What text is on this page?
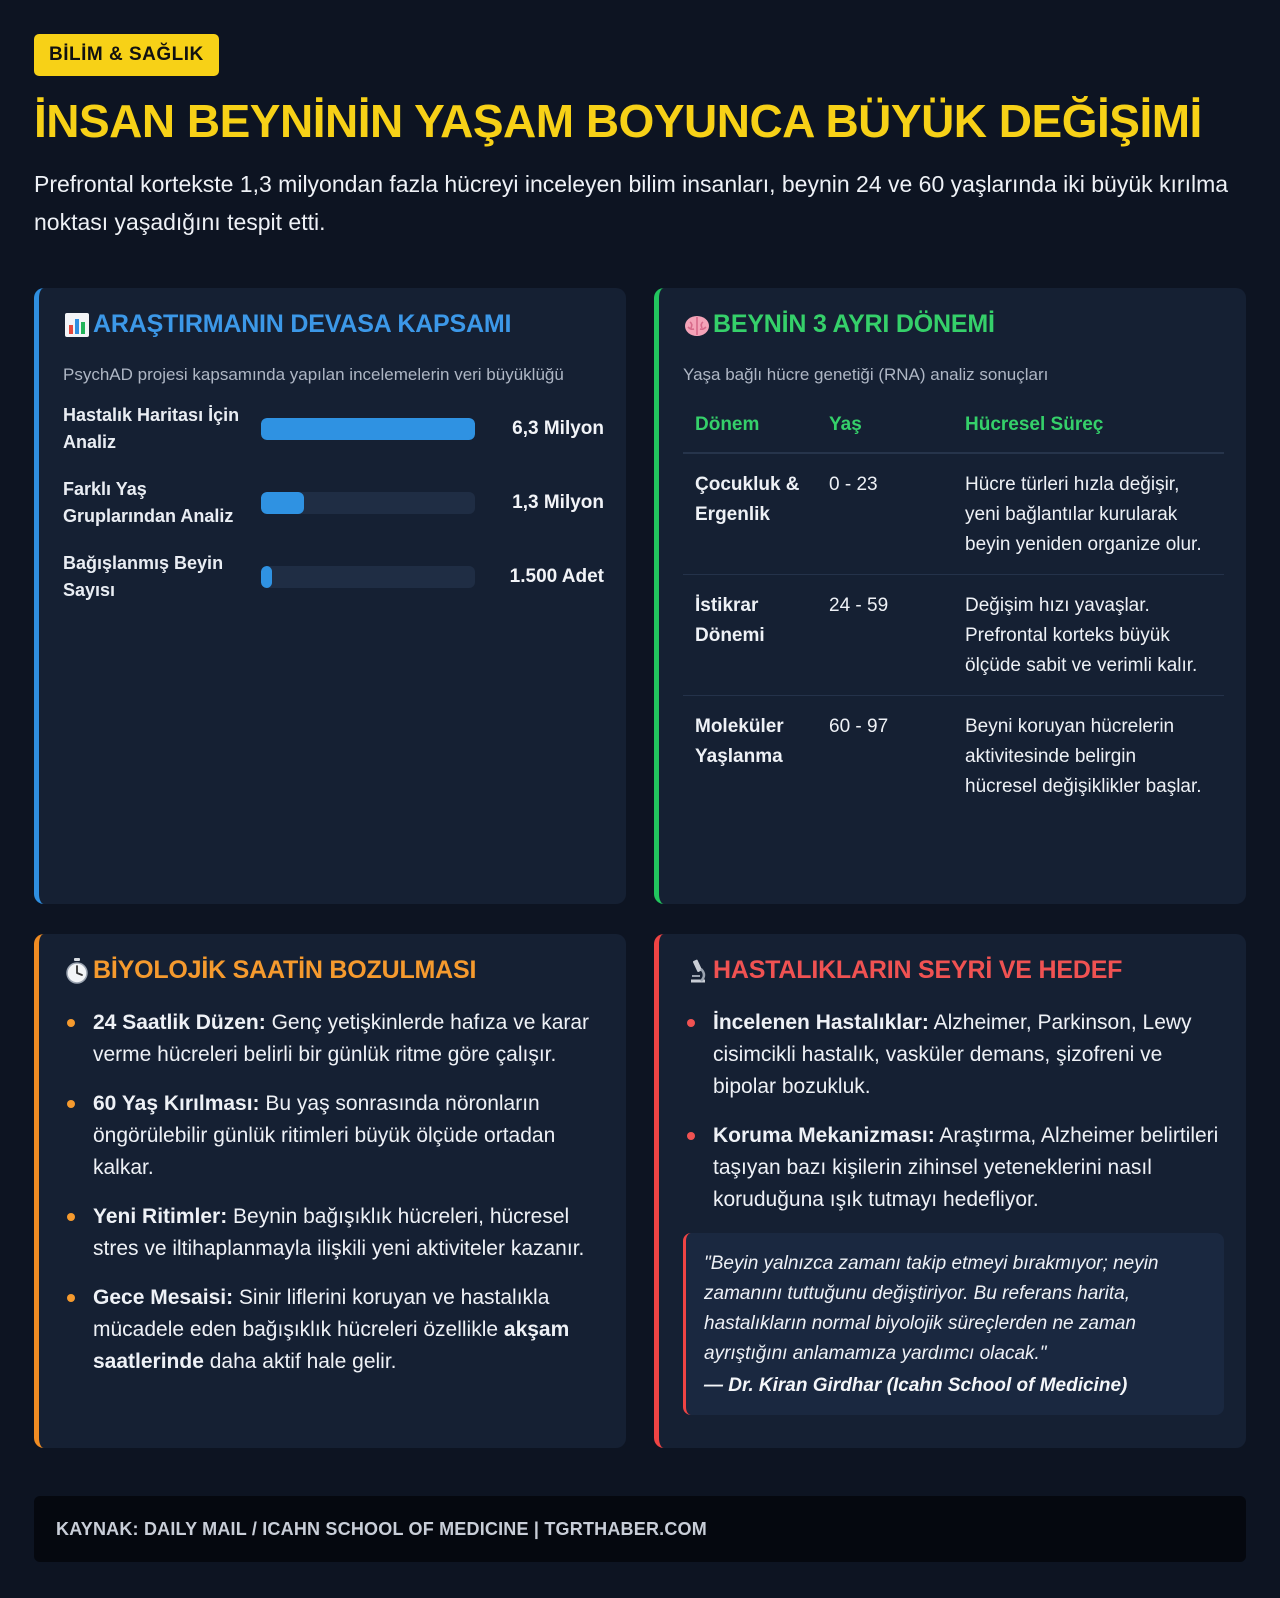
BİLİM & SAĞLIK
İNSAN BEYNİNİN YAŞAM BOYUNCA BÜYÜK DEĞİŞİMİ

Prefrontal kortekste 1,3 milyondan fazla hücreyi inceleyen bilim insanları, beynin 24 ve 60 yaşlarında iki büyük kırılma noktası yaşadığını tespit etti.

ARAŞTIRMANIN DEVASA KAPSAMI

PsychAD projesi kapsamında yapılan incelemelerin veri büyüklüğü

Hastalık Haritası İçin Analiz
6,3 Milyon
Farklı Yaş Gruplarından Analiz
1,3 Milyon
Bağışlanmış Beyin Sayısı
1.500 Adet
BEYNİN 3 AYRI DÖNEMİ

Yaşa bağlı hücre genetiği (RNA) analiz sonuçları

Dönem	Yaş	Hücresel Süreç
Çocukluk & Ergenlik	0 - 23	Hücre türleri hızla değişir, yeni bağlantılar kurularak beyin yeniden organize olur.
İstikrar Dönemi	24 - 59	Değişim hızı yavaşlar. Prefrontal korteks büyük ölçüde sabit ve verimli kalır.
Moleküler Yaşlanma	60 - 97	Beyni koruyan hücrelerin aktivitesinde belirgin hücresel değişiklikler başlar.
BİYOLOJİK SAATİN BOZULMASI
24 Saatlik Düzen: Genç yetişkinlerde hafıza ve karar verme hücreleri belirli bir günlük ritme göre çalışır.
60 Yaş Kırılması: Bu yaş sonrasında nöronların öngörülebilir günlük ritimleri büyük ölçüde ortadan kalkar.
Yeni Ritimler: Beynin bağışıklık hücreleri, hücresel stres ve iltihaplanmayla ilişkili yeni aktiviteler kazanır.
Gece Mesaisi: Sinir liflerini koruyan ve hastalıkla mücadele eden bağışıklık hücreleri özellikle akşam saatlerinde daha aktif hale gelir.
HASTALIKLARIN SEYRİ VE HEDEF
İncelenen Hastalıklar: Alzheimer, Parkinson, Lewy cisimcikli hastalık, vasküler demans, şizofreni ve bipolar bozukluk.
Koruma Mekanizması: Araştırma, Alzheimer belirtileri taşıyan bazı kişilerin zihinsel yeteneklerini nasıl koruduğuna ışık tutmayı hedefliyor.

"Beyin yalnızca zamanı takip etmeyi bırakmıyor; neyin zamanını tuttuğunu değiştiriyor. Bu referans harita, hastalıkların normal biyolojik süreçlerden ne zaman ayrıştığını anlamamıza yardımcı olacak."

— Dr. Kiran Girdhar (Icahn School of Medicine)
KAYNAK: DAILY MAIL / ICAHN SCHOOL OF MEDICINE | TGRTHABER.COM
